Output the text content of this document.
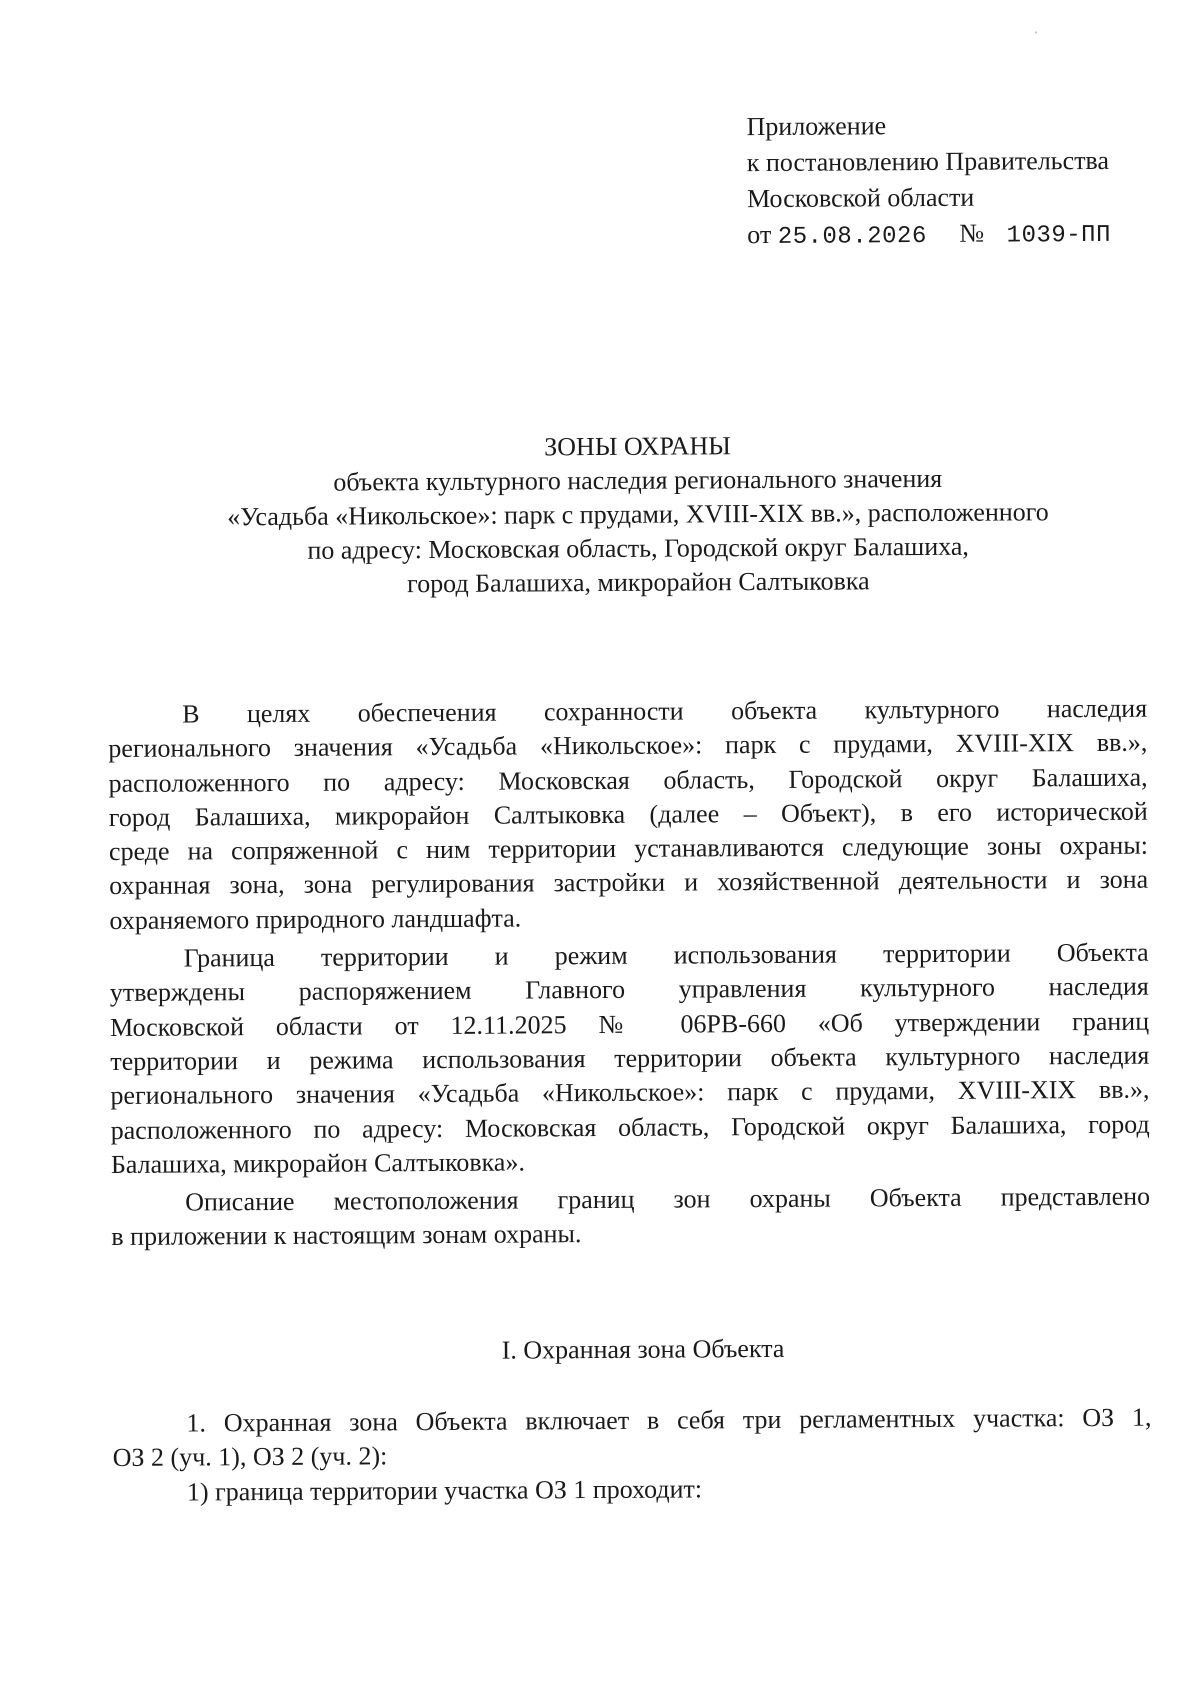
Приложение
к постановлению Правительства
Московской области
от 25.08.2026 № 1039-ПП
ЗОНЫ ОХРАНЫ
объекта культурного наследия регионального значения
«Усадьба «Никольское»: парк с прудами, XVIII-XIX вв.», расположенного
по адресу: Московская область, Городской округ Балашиха,
город Балашиха, микрорайон Салтыковка
В целях обеспечения сохранности объекта культурного наследия
регионального значения «Усадьба «Никольское»: парк с прудами, XVIII-XIX вв.»,
расположенного по адресу: Московская область, Городской округ Балашиха,
город Балашиха, микрорайон Салтыковка (далее – Объект), в его исторической
среде на сопряженной с ним территории устанавливаются следующие зоны охраны:
охранная зона, зона регулирования застройки и хозяйственной деятельности и зона
охраняемого природного ландшафта.
Граница территории и режим использования территории Объекта
утверждены распоряжением Главного управления культурного наследия
Московской области от 12.11.2025 № 06РВ-660 «Об утверждении границ
территории и режима использования территории объекта культурного наследия
регионального значения «Усадьба «Никольское»: парк с прудами, XVIII-XIX вв.»,
расположенного по адресу: Московская область, Городской округ Балашиха, город
Балашиха, микрорайон Салтыковка».
Описание местоположения границ зон охраны Объекта представлено
в приложении к настоящим зонам охраны.
I. Охранная зона Объекта
1. Охранная зона Объекта включает в себя три регламентных участка: ОЗ 1,
ОЗ 2 (уч. 1), ОЗ 2 (уч. 2):
1) граница территории участка ОЗ 1 проходит:
